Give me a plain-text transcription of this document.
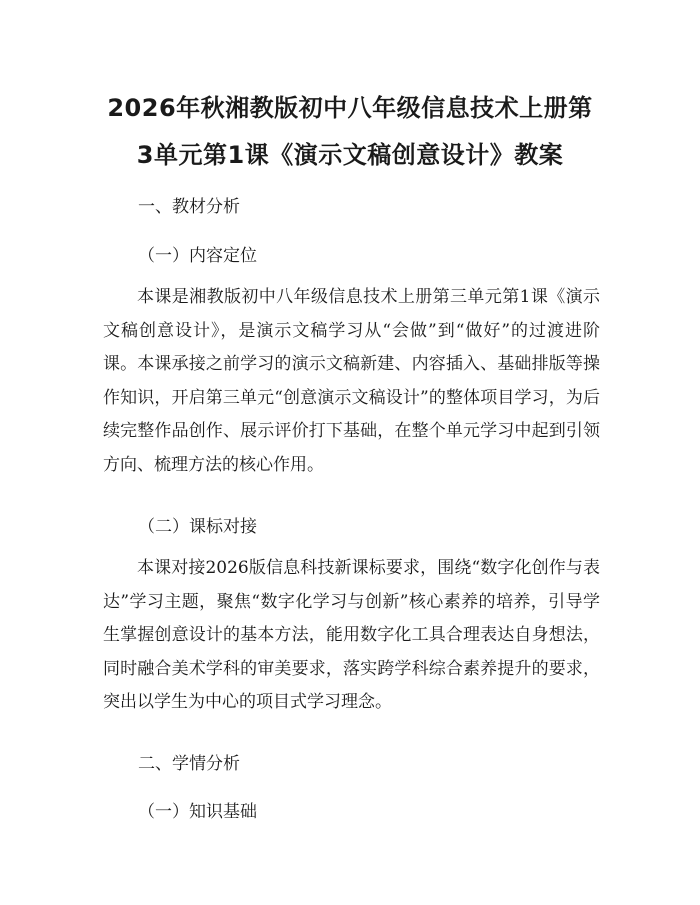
2026年秋湘教版初中八年级信息技术上册第
3单元第1课《演示文稿创意设计》教案
一、教材分析
（一）内容定位

本课是湘教版初中八年级信息技术上册第三单元第1课《演示文稿创意设计》，是演示文稿学习从“会做”到“做好”的过渡进阶课。本课承接之前学习的演示文稿新建、内容插入、基础排版等操作知识，开启第三单元“创意演示文稿设计”的整体项目学习，为后续完整作品创作、展示评价打下基础，在整个单元学习中起到引领方向、梳理方法的核心作用。

（二）课标对接

本课对接2026版信息科技新课标要求，围绕“数字化创作与表达”学习主题，聚焦“数字化学习与创新”核心素养的培养，引导学生掌握创意设计的基本方法，能用数字化工具合理表达自身想法，同时融合美术学科的审美要求，落实跨学科综合素养提升的要求，突出以学生为中心的项目式学习理念。

二、学情分析
（一）知识基础
